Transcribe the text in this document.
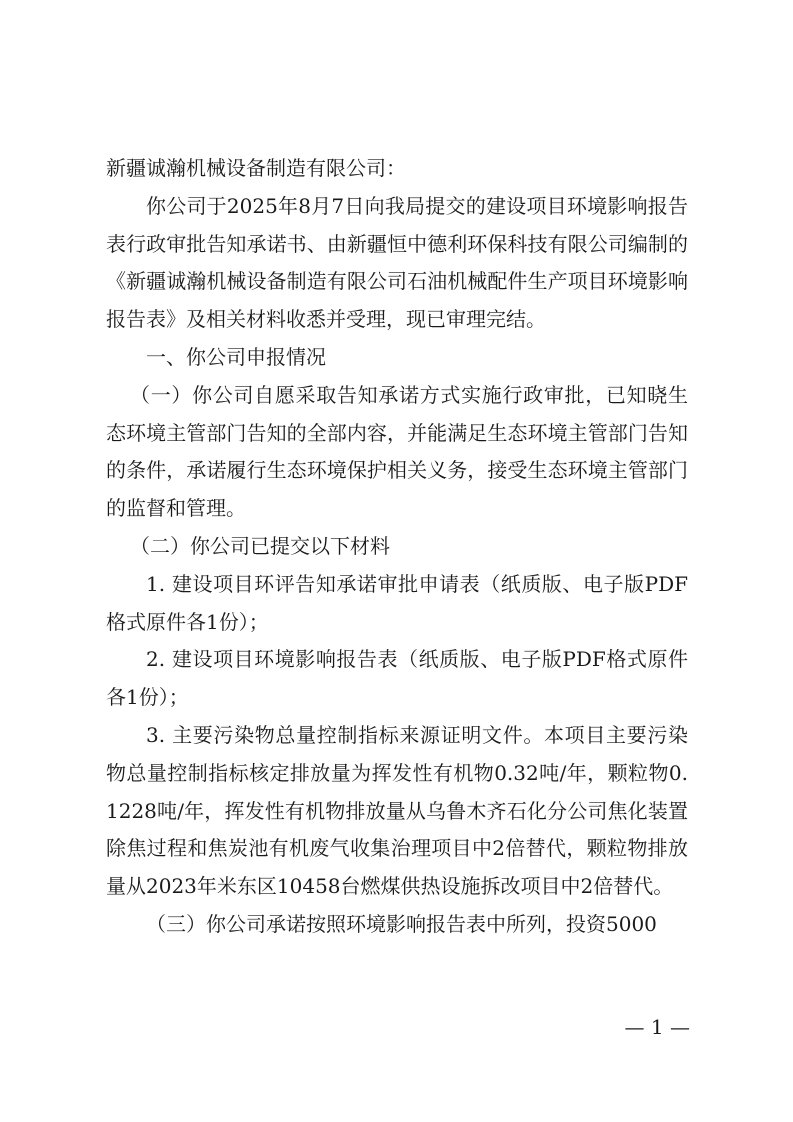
新疆诚瀚机械设备制造有限公司：

你公司于2025年8月7日向我局提交的建设项目环境影响报告表行政审批告知承诺书、由新疆恒中德利环保科技有限公司编制的《新疆诚瀚机械设备制造有限公司石油机械配件生产项目环境影响报告表》及相关材料收悉并受理，现已审理完结。

一、你公司申报情况

（一）你公司自愿采取告知承诺方式实施行政审批，已知晓生态环境主管部门告知的全部内容，并能满足生态环境主管部门告知的条件，承诺履行生态环境保护相关义务，接受生态环境主管部门的监督和管理。

（二）你公司已提交以下材料

1. 建设项目环评告知承诺审批申请表（纸质版、电子版PDF格式原件各1份）；

2. 建设项目环境影响报告表（纸质版、电子版PDF格式原件各1份）；

3. 主要污染物总量控制指标来源证明文件。本项目主要污染物总量控制指标核定排放量为挥发性有机物0.32吨/年，颗粒物0.1228吨/年，挥发性有机物排放量从乌鲁木齐石化分公司焦化装置除焦过程和焦炭池有机废气收集治理项目中2倍替代，颗粒物排放量从2023年米东区10458台燃煤供热设施拆改项目中2倍替代。

（三）你公司承诺按照环境影响报告表中所列，投资5000

— 1 —
